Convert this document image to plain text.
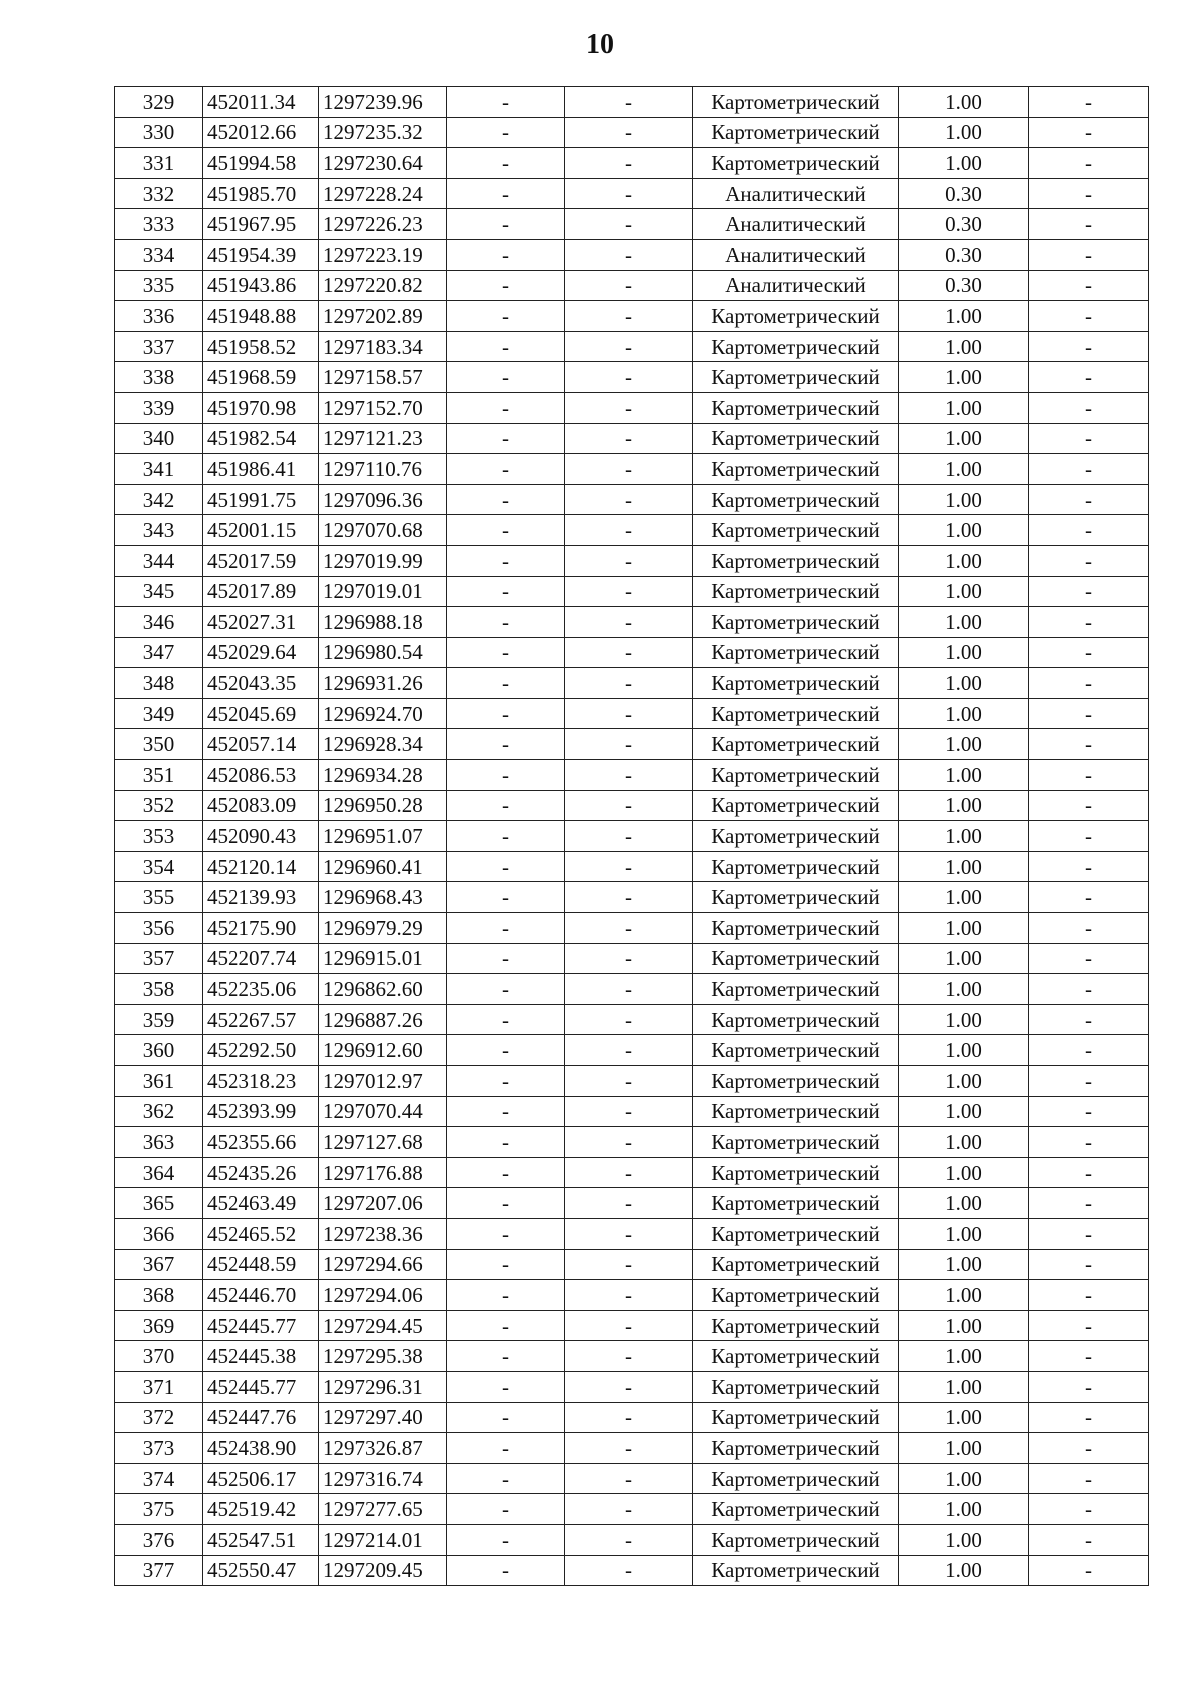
10
329	452011.34	1297239.96	-	-	Картометрический	1.00	-
330	452012.66	1297235.32	-	-	Картометрический	1.00	-
331	451994.58	1297230.64	-	-	Картометрический	1.00	-
332	451985.70	1297228.24	-	-	Аналитический	0.30	-
333	451967.95	1297226.23	-	-	Аналитический	0.30	-
334	451954.39	1297223.19	-	-	Аналитический	0.30	-
335	451943.86	1297220.82	-	-	Аналитический	0.30	-
336	451948.88	1297202.89	-	-	Картометрический	1.00	-
337	451958.52	1297183.34	-	-	Картометрический	1.00	-
338	451968.59	1297158.57	-	-	Картометрический	1.00	-
339	451970.98	1297152.70	-	-	Картометрический	1.00	-
340	451982.54	1297121.23	-	-	Картометрический	1.00	-
341	451986.41	1297110.76	-	-	Картометрический	1.00	-
342	451991.75	1297096.36	-	-	Картометрический	1.00	-
343	452001.15	1297070.68	-	-	Картометрический	1.00	-
344	452017.59	1297019.99	-	-	Картометрический	1.00	-
345	452017.89	1297019.01	-	-	Картометрический	1.00	-
346	452027.31	1296988.18	-	-	Картометрический	1.00	-
347	452029.64	1296980.54	-	-	Картометрический	1.00	-
348	452043.35	1296931.26	-	-	Картометрический	1.00	-
349	452045.69	1296924.70	-	-	Картометрический	1.00	-
350	452057.14	1296928.34	-	-	Картометрический	1.00	-
351	452086.53	1296934.28	-	-	Картометрический	1.00	-
352	452083.09	1296950.28	-	-	Картометрический	1.00	-
353	452090.43	1296951.07	-	-	Картометрический	1.00	-
354	452120.14	1296960.41	-	-	Картометрический	1.00	-
355	452139.93	1296968.43	-	-	Картометрический	1.00	-
356	452175.90	1296979.29	-	-	Картометрический	1.00	-
357	452207.74	1296915.01	-	-	Картометрический	1.00	-
358	452235.06	1296862.60	-	-	Картометрический	1.00	-
359	452267.57	1296887.26	-	-	Картометрический	1.00	-
360	452292.50	1296912.60	-	-	Картометрический	1.00	-
361	452318.23	1297012.97	-	-	Картометрический	1.00	-
362	452393.99	1297070.44	-	-	Картометрический	1.00	-
363	452355.66	1297127.68	-	-	Картометрический	1.00	-
364	452435.26	1297176.88	-	-	Картометрический	1.00	-
365	452463.49	1297207.06	-	-	Картометрический	1.00	-
366	452465.52	1297238.36	-	-	Картометрический	1.00	-
367	452448.59	1297294.66	-	-	Картометрический	1.00	-
368	452446.70	1297294.06	-	-	Картометрический	1.00	-
369	452445.77	1297294.45	-	-	Картометрический	1.00	-
370	452445.38	1297295.38	-	-	Картометрический	1.00	-
371	452445.77	1297296.31	-	-	Картометрический	1.00	-
372	452447.76	1297297.40	-	-	Картометрический	1.00	-
373	452438.90	1297326.87	-	-	Картометрический	1.00	-
374	452506.17	1297316.74	-	-	Картометрический	1.00	-
375	452519.42	1297277.65	-	-	Картометрический	1.00	-
376	452547.51	1297214.01	-	-	Картометрический	1.00	-
377	452550.47	1297209.45	-	-	Картометрический	1.00	-
